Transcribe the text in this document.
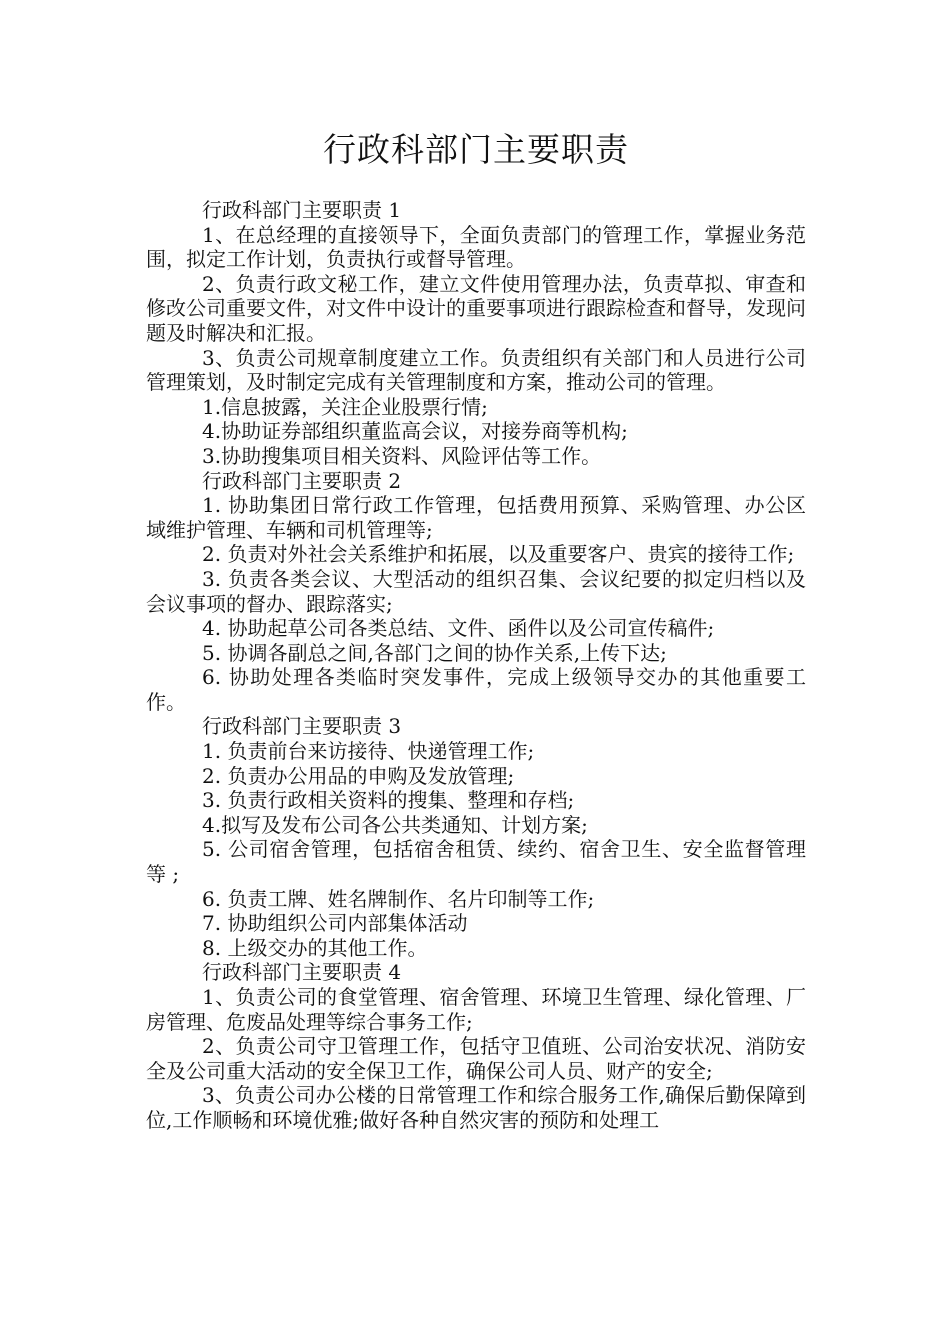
行政科部门主要职责

行政科部门主要职责 1

1、在总经理的直接领导下，全面负责部门的管理工作，掌握业务范围，拟定工作计划，负责执行或督导管理。

2、负责行政文秘工作，建立文件使用管理办法，负责草拟、审查和修改公司重要文件，对文件中设计的重要事项进行跟踪检查和督导，发现问题及时解决和汇报。

3、负责公司规章制度建立工作。负责组织有关部门和人员进行公司管理策划，及时制定完成有关管理制度和方案，推动公司的管理。

1.信息披露，关注企业股票行情;

4.协助证券部组织董监高会议，对接券商等机构;

3.协助搜集项目相关资料、风险评估等工作。

行政科部门主要职责 2

1. 协助集团日常行政工作管理，包括费用预算、采购管理、办公区域维护管理、车辆和司机管理等;

2. 负责对外社会关系维护和拓展，以及重要客户、贵宾的接待工作;

3. 负责各类会议、大型活动的组织召集、会议纪要的拟定归档以及会议事项的督办、跟踪落实;

4. 协助起草公司各类总结、文件、函件以及公司宣传稿件;

5. 协调各副总之间,各部门之间的协作关系,上传下达;

6. 协助处理各类临时突发事件，完成上级领导交办的其他重要工作。

行政科部门主要职责 3

1. 负责前台来访接待、快递管理工作;

2. 负责办公用品的申购及发放管理;

3. 负责行政相关资料的搜集、整理和存档;

4.拟写及发布公司各公共类通知、计划方案;

5. 公司宿舍管理，包括宿舍租赁、续约、宿舍卫生、安全监督管理等 ;

6. 负责工牌、姓名牌制作、名片印制等工作;

7. 协助组织公司内部集体活动

8. 上级交办的其他工作。

行政科部门主要职责 4

1、负责公司的食堂管理、宿舍管理、环境卫生管理、绿化管理、厂房管理、危废品处理等综合事务工作;

2、负责公司守卫管理工作，包括守卫值班、公司治安状况、消防安全及公司重大活动的安全保卫工作，确保公司人员、财产的安全;

3、负责公司办公楼的日常管理工作和综合服务工作,确保后勤保障到位,工作顺畅和环境优雅;做好各种自然灾害的预防和处理工
